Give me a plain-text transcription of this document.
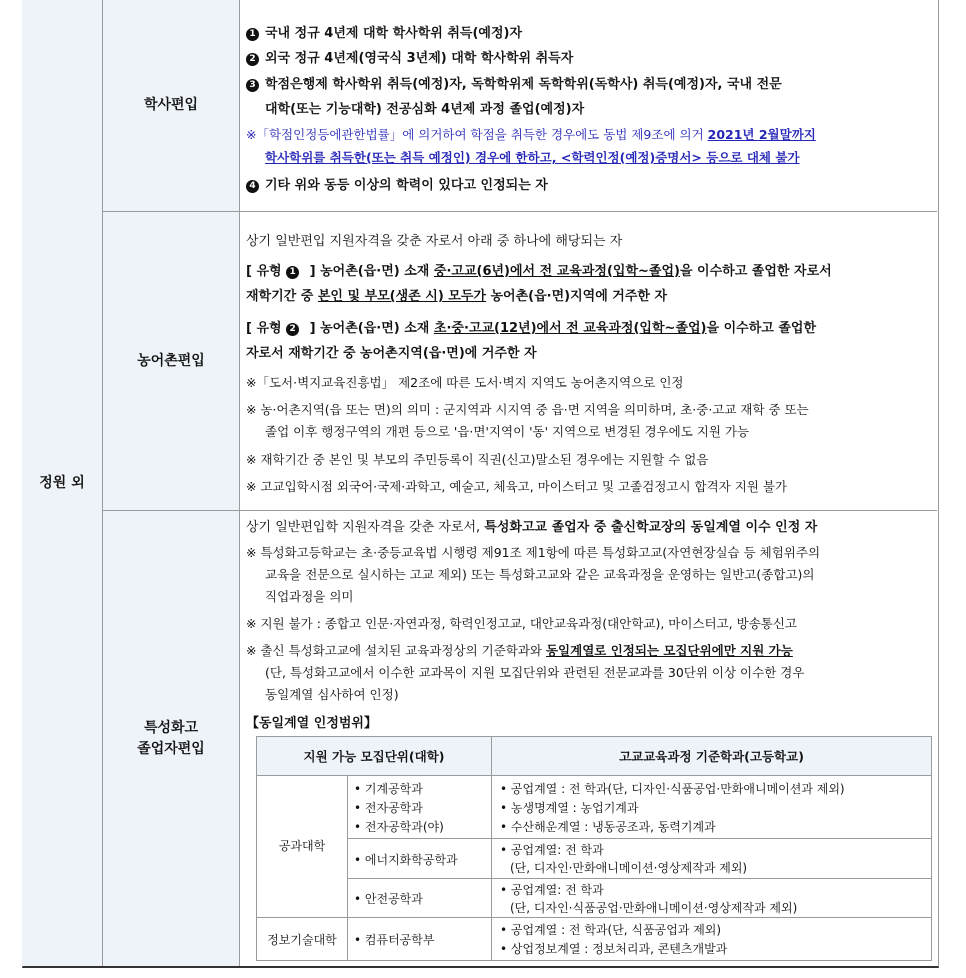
정원 외
학사편입
농어촌편입
특성화고
졸업자편입
1 국내 정규 4년제 대학 학사학위 취득(예정)자
2 외국 정규 4년제(영국식 3년제) 대학 학사학위 취득자
3 학점은행제 학사학위 취득(예정)자, 독학학위제 독학학위(독학사) 취득(예정)자, 국내 전문
대학(또는 기능대학) 전공심화 4년제 과정 졸업(예정)자
※「학점인정등에관한법률」에 의거하여 학점을 취득한 경우에도 동법 제9조에 의거 2021년 2월말까지
학사학위를 취득한(또는 취득 예정인) 경우에 한하고, <학력인정(예정)증명서> 등으로 대체 불가
4 기타 위와 동등 이상의 학력이 있다고 인정되는 자
상기 일반편입 지원자격을 갖춘 자로서 아래 중 하나에 해당되는 자
[ 유형 1 ] 농어촌(읍·면) 소재 중·고교(6년)에서 전 교육과정(입학~졸업)을 이수하고 졸업한 자로서
재학기간 중 본인 및 부모(생존 시) 모두가 농어촌(읍·면)지역에 거주한 자
[ 유형 2 ] 농어촌(읍·면) 소재 초·중·고교(12년)에서 전 교육과정(입학~졸업)을 이수하고 졸업한
자로서 재학기간 중 농어촌지역(읍·면)에 거주한 자
※「도서·벽지교육진흥법」 제2조에 따른 도서·벽지 지역도 농어촌지역으로 인정
※ 농·어촌지역(읍 또는 면)의 의미 : 군지역과 시지역 중 읍·면 지역을 의미하며, 초·중·고교 재학 중 또는
졸업 이후 행정구역의 개편 등으로 '읍·면'지역이 '동' 지역으로 변경된 경우에도 지원 가능
※ 재학기간 중 본인 및 부모의 주민등록이 직권(신고)말소된 경우에는 지원할 수 없음
※ 고교입학시점 외국어·국제·과학고, 예술고, 체육고, 마이스터고 및 고졸검정고시 합격자 지원 불가
상기 일반편입학 지원자격을 갖춘 자로서, 특성화고교 졸업자 중 출신학교장의 동일계열 이수 인정 자
※ 특성화고등학교는 초·중등교육법 시행령 제91조 제1항에 따른 특성화고교(자연현장실습 등 체험위주의
교육을 전문으로 실시하는 고교 제외) 또는 특성화고교와 같은 교육과정을 운영하는 일반고(종합고)의
직업과정을 의미
※ 지원 불가 : 종합고 인문·자연과정, 학력인정고교, 대안교육과정(대안학교), 마이스터고, 방송통신고
※ 출신 특성화고교에 설치된 교육과정상의 기준학과와 동일계열로 인정되는 모집단위에만 지원 가능
(단, 특성화고교에서 이수한 교과목이 지원 모집단위와 관련된 전문교과를 30단위 이상 이수한 경우
동일계열 심사하여 인정)
【동일계열 인정범위】
지원 가능 모집단위(대학)	고교교육과정 기준학과(고등학교)
공과대학
정보기술대학
• 기계공학과
• 전자공학과
• 전자공학과(야)
• 에너지화학공학과
• 안전공학과
• 컴퓨터공학부
• 공업계열 : 전 학과(단, 디자인·식품공업·만화애니메이션과 제외)
• 농생명계열 : 농업기계과
• 수산해운계열 : 냉동공조과, 동력기계과
• 공업계열: 전 학과
(단, 디자인·만화애니메이션·영상제작과 제외)
• 공업계열: 전 학과
(단, 디자인·식품공업·만화애니메이션·영상제작과 제외)
• 공업계열 : 전 학과(단, 식품공업과 제외)
• 상업정보계열 : 정보처리과, 콘텐츠개발과
